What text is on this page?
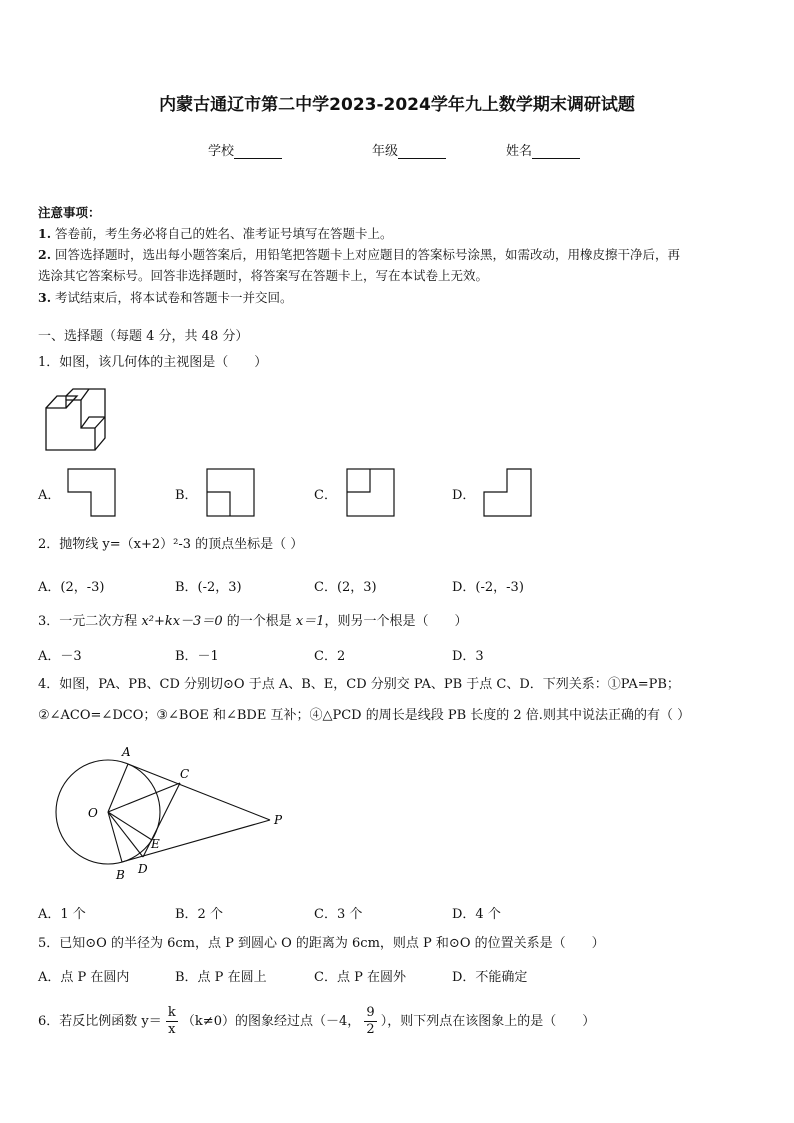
内蒙古通辽市第二中学2023-2024学年九上数学期末调研试题
学校	年级	姓名
注意事项：
1. 答卷前，考生务必将自己的姓名、准考证号填写在答题卡上。
2. 回答选择题时，选出每小题答案后，用铅笔把答题卡上对应题目的答案标号涂黑，如需改动，用橡皮擦干净后，再
选涂其它答案标号。回答非选择题时，将答案写在答题卡上，写在本试卷上无效。
3. 考试结束后，将本试卷和答题卡一并交回。
一、选择题（每题 4 分，共 48 分）
1．如图，该几何体的主视图是（　　）
A．	B．	C．	D．
2．抛物线 y=（x+2）²-3 的顶点坐标是（ ）
A．(2，-3)	B．(-2，3)	C．(2，3)	D．(-2，-3)
3．一元二次方程 x²+kx－3＝0 的一个根是 x＝1，则另一个根是（　　）
A．－3	B．－1	C．2	D．3
4．如图，PA、PB、CD 分别切⊙O 于点 A、B、E，CD 分别交 PA、PB 于点 C、D．下列关系：①PA=PB；
②∠ACO=∠DCO；③∠BOE 和∠BDE 互补；④△PCD 的周长是线段 PB 长度的 2 倍.则其中说法正确的有（ ）
A
C
O	P
E
D
B
A．1 个	B．2 个	C．3 个	D．4 个
5．已知⊙O 的半径为 6cm，点 P 到圆心 O 的距离为 6cm，则点 P 和⊙O 的位置关系是（　　）
A．点 P 在圆内	B．点 P 在圆上	C．点 P 在圆外	D．不能确定
6．若反比例函数 $y= \frac{k}{x} (k\ne 0)$的图象经过点（－4， $\frac{9}{2}$ ），则下列点在该图象上的是（　　）
